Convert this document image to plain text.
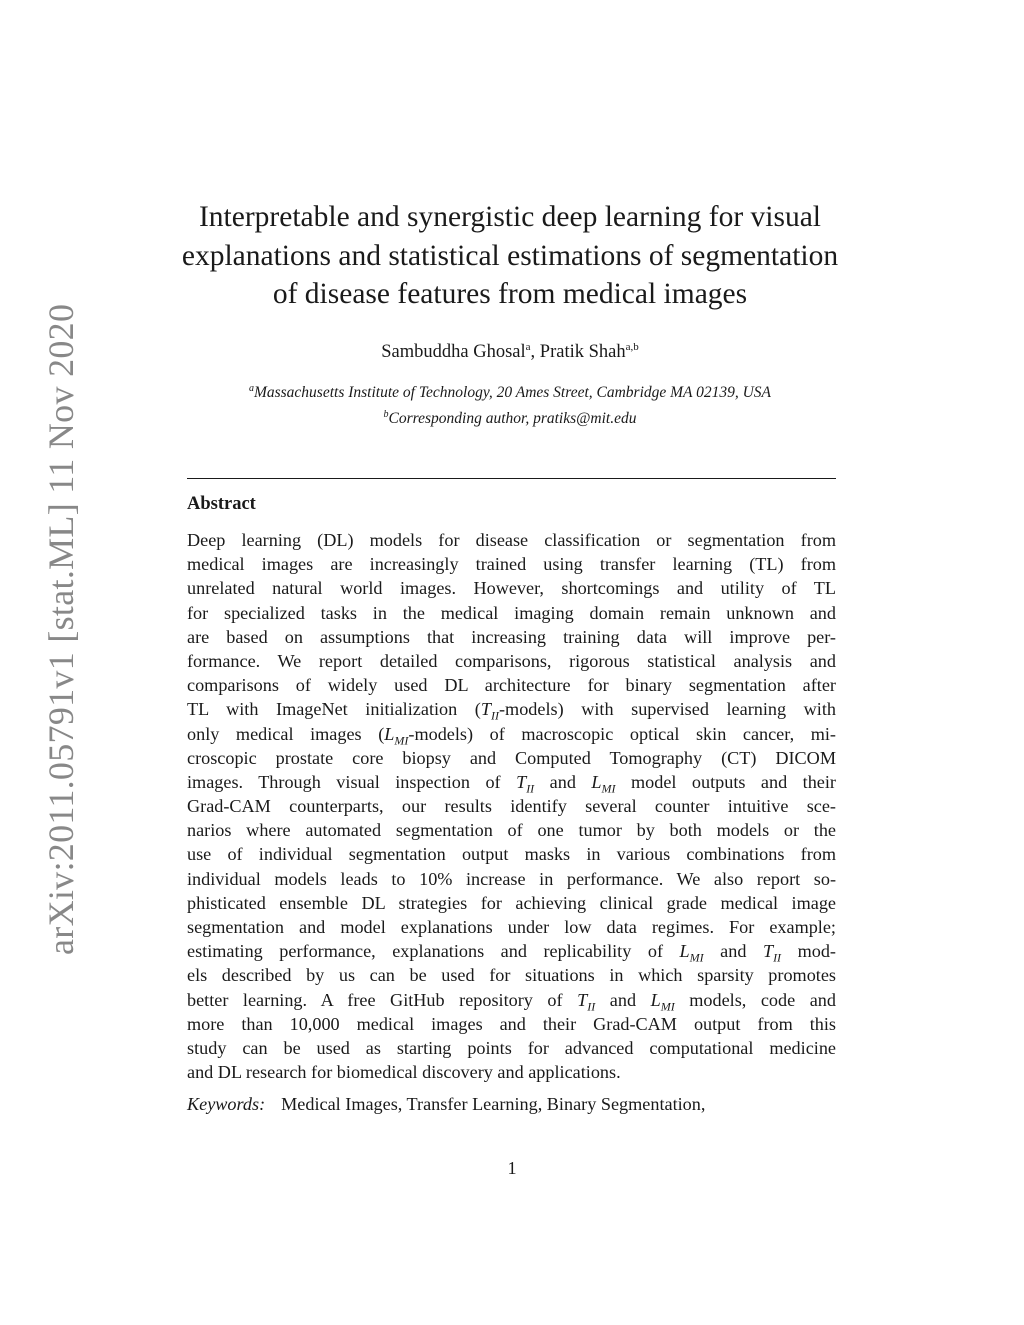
arXiv:2011.05791v1 [stat.ML] 11 Nov 2020
Interpretable and synergistic deep learning for visual
explanations and statistical estimations of segmentation
of disease features from medical images
Sambuddha Ghosal$^a$, Pratik Shah$^{a,b}$
$^a$Massachusetts Institute of Technology, 20 Ames Street, Cambridge MA 02139, USA
$^b$Corresponding author, pratiks@mit.edu
Abstract
Deep learning (DL) models for disease classification or segmentation from
medical images are increasingly trained using transfer learning (TL) from
unrelated natural world images. However, shortcomings and utility of TL
for specialized tasks in the medical imaging domain remain unknown and
are based on assumptions that increasing training data will improve per-
formance. We report detailed comparisons, rigorous statistical analysis and
comparisons of widely used DL architecture for binary segmentation after
TL with ImageNet initialization $(T_{II}-models)$ with supervised learning with
only medical images $(L_{MI}-models)$ of macroscopic optical skin cancer, mi-
croscopic prostate core biopsy and Computed Tomography (CT) DICOM
images. Through visual inspection of $T_{II}$ and $L_{MI}$ model outputs and their
Grad-CAM counterparts, our results identify several counter intuitive sce-
narios where automated segmentation of one tumor by both models or the
use of individual segmentation output masks in various combinations from
individual models leads to 10% increase in performance. We also report so-
phisticated ensemble DL strategies for achieving clinical grade medical image
segmentation and model explanations under low data regimes. For example;
estimating performance, explanations and replicability of $L_{MI}$ and $T_{II}$ mod-
els described by us can be used for situations in which sparsity promotes
better learning. A free GitHub repository of $T_{II}$ and $L_{MI}$ models, code and
more than 10,000 medical images and their Grad-CAM output from this
study can be used as starting points for advanced computational medicine
and DL research for biomedical discovery and applications.
Keywords: Medical Images, Transfer Learning, Binary Segmentation,
1
